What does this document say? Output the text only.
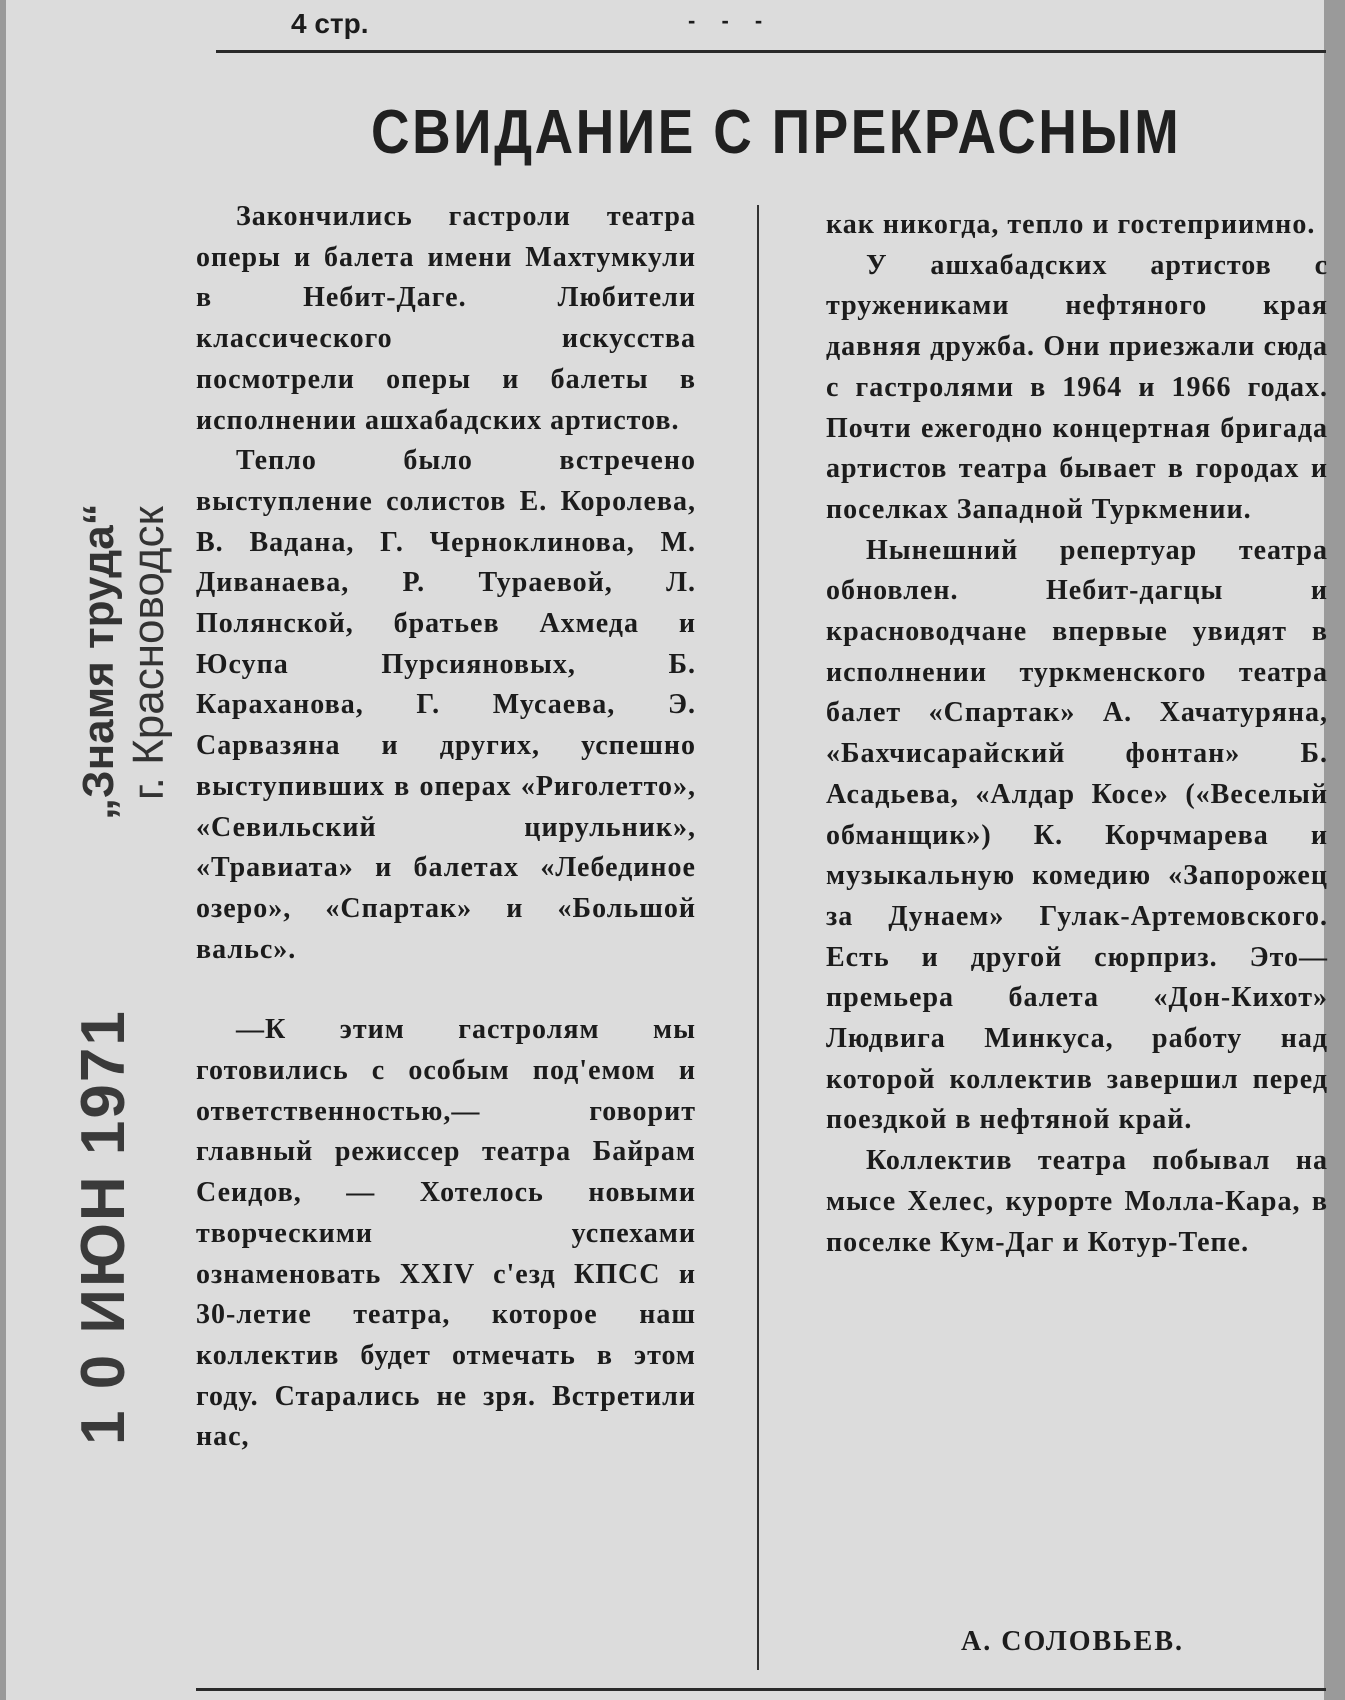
4 стр.	- - -
СВИДАНИЕ С ПРЕКРАСНЫМ
„Знамя труда“ г. Красноводск
1 0 ИЮН 1971

Закончились гастроли театра оперы и балета имени Махтумкули в Небит-Даге. Любители классического искусства посмотрели оперы и балеты в исполнении ашхабадских артистов.

Тепло было встречено выступление солистов Е. Королева, В. Вадана, Г. Черноклинова, М. Диванаева, Р. Тураевой, Л. Полянской, братьев Ахмеда и Юсупа Пурсияновых, Б. Караханова, Г. Мусаева, Э. Сарвазяна и других, успешно выступивших в операх «Риголетто», «Севильский цирульник», «Травиата» и балетах «Лебединое озеро», «Спартак» и «Большой вальс».

—К этим гастролям мы готовились с особым под'емом и ответственностью,— говорит главный режиссер театра Байрам Сеидов, — Хотелось новыми творческими успехами ознаменовать XXIV с'езд КПСС и 30-летие театра, которое наш коллектив будет отмечать в этом году. Старались не зря. Встретили нас,

как никогда, тепло и гостеприимно.

У ашхабадских артистов с тружениками нефтяного края давняя дружба. Они приезжали сюда с гастролями в 1964 и 1966 годах. Почти ежегодно концертная бригада артистов театра бывает в городах и поселках Западной Туркмении.

Нынешний репертуар театра обновлен. Небит-дагцы и красноводчане впервые увидят в исполнении туркменского театра балет «Спартак» А. Хачатуряна, «Бахчисарайский фонтан» Б. Асадьева, «Алдар Косе» («Веселый обманщик») К. Корчмарева и музыкальную комедию «Запорожец за Дунаем» Гулак-Артемовского. Есть и другой сюрприз. Это—премьера балета «Дон-Кихот» Людвига Минкуса, работу над которой коллектив завершил перед поездкой в нефтяной край.

Коллектив театра побывал на мысе Хелес, курорте Молла-Кара, в поселке Кум-Даг и Котур-Тепе.

А. СОЛОВЬЕВ.
